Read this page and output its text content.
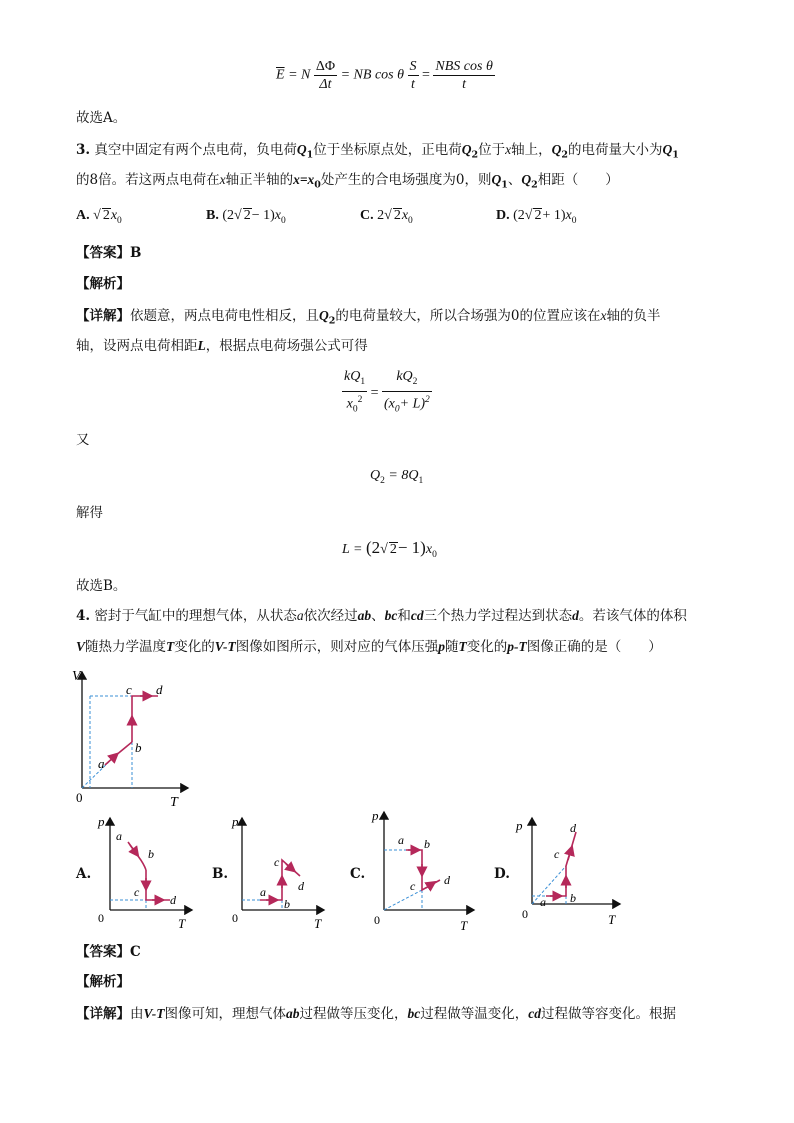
$\overline{E} = N \frac{\Delta\Phi}{\Delta t}$ = NB cos θ $\frac{S}{t} = \frac{\text{NBS cos θ}}{t}$
故选A。
3. 真空中固定有两个点电荷，负电荷$Q_1$位于坐标原点处，正电荷$Q_2$位于x轴上，$Q_2$的电荷量大小为$Q_1$
的8倍。若这两点电荷在x轴正半轴的$x=x_0$处产生的合电场强度为0，则$Q_1$、$Q_2$相距（　　）
A. √ $2x_0$	B. (2√ $2- 1)x_0$	C. 2√ $2x_0$	D. (2√ $2+ 1)x_0$
【答案】B
【解析】
【详解】依题意，两点电荷电性相反，且$Q_2$的电荷量较大，所以合场强为0的位置应该在x轴的负半
轴，设两点电荷相距L，根据点电荷场强公式可得
$\frac{kQ_1}{x_0^2} = \frac{kQ_2}{(x_0+ L)^2}$
又
$Q_2 = 8Q_1$
解得
L = (2√ $2- 1)x_0$
故选B。
4. 密封于气缸中的理想气体，从状态a依次经过ab、bc和cd三个热力学过程达到状态d。若该气体的体积
V随热力学温度T变化的V-T图像如图所示，则对应的气体压强p随T变化的p-T图像正确的是（　　）
V
T
0
a
b
c d
A.
p
T
0
a
b
c
d
B.
p
T
0
a
b
c
d
C.
p
T
0
a b
c d	D.
p
T
0
a b
c
d
【答案】C
【解析】
【详解】由V-T图像可知，理想气体ab过程做等压变化，bc过程做等温变化，cd过程做等容变化。根据
